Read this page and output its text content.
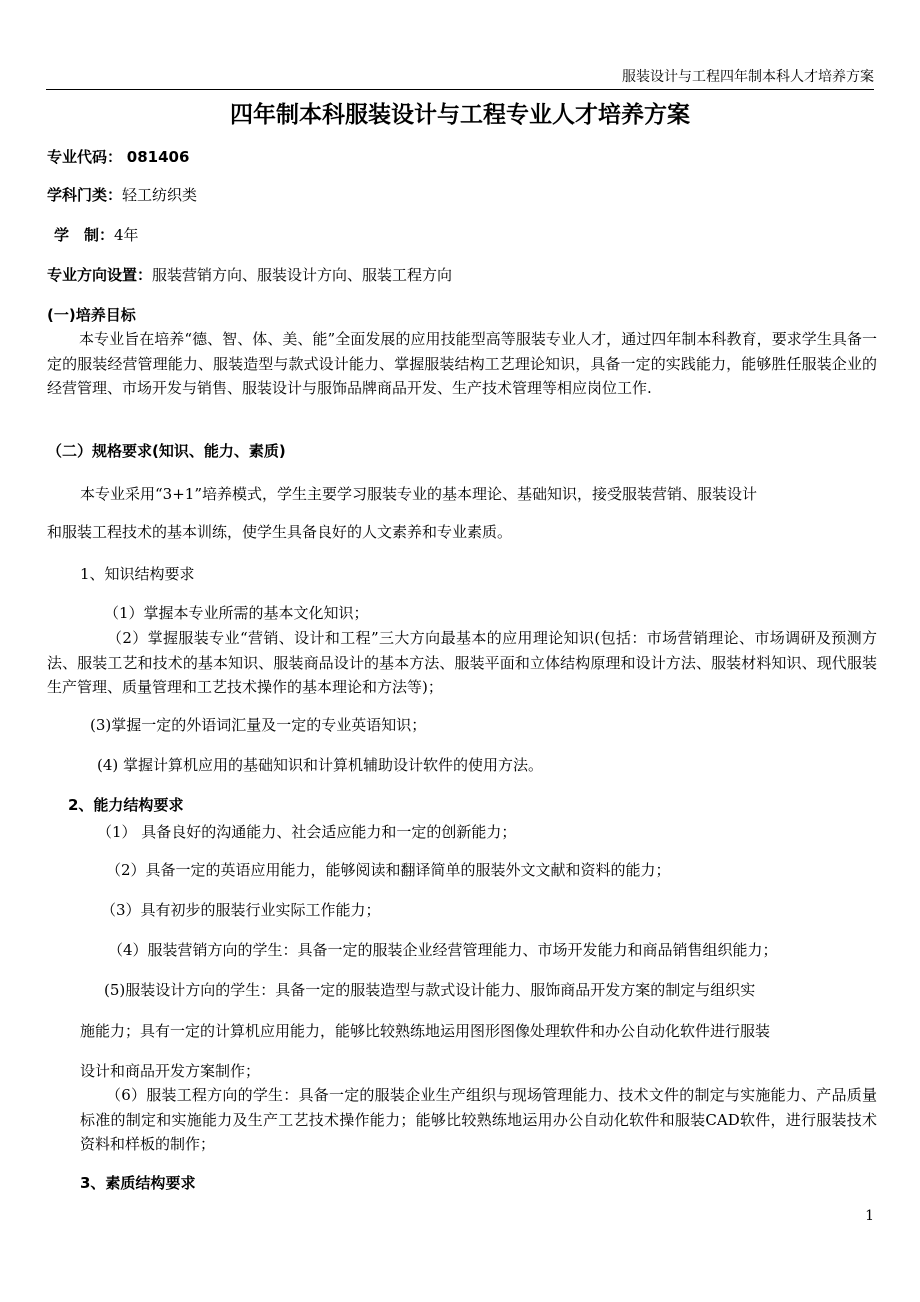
服装设计与工程四年制本科人才培养方案
四年制本科服装设计与工程专业人才培养方案
专业代码： 081406
学科门类：轻工纺织类
学　制：4年
专业方向设置：服装营销方向、服装设计方向、服装工程方向
(一)培养目标
本专业旨在培养“德、智、体、美、能”全面发展的应用技能型高等服装专业人才，通过四年制本科教育，要求学生具备一定的服装经营管理能力、服装造型与款式设计能力、掌握服装结构工艺理论知识，具备一定的实践能力，能够胜任服装企业的经营管理、市场开发与销售、服装设计与服饰品牌商品开发、生产技术管理等相应岗位工作.
（二）规格要求(知识、能力、素质)
本专业采用“3+1”培养模式，学生主要学习服装专业的基本理论、基础知识，接受服装营销、服装设计
和服装工程技术的基本训练，使学生具备良好的人文素养和专业素质。
1、知识结构要求
（1）掌握本专业所需的基本文化知识；
（2）掌握服装专业“营销、设计和工程”三大方向最基本的应用理论知识(包括：市场营销理论、市场调研及预测方法、服装工艺和技术的基本知识、服装商品设计的基本方法、服装平面和立体结构原理和设计方法、服装材料知识、现代服装生产管理、质量管理和工艺技术操作的基本理论和方法等)；
(3)掌握一定的外语词汇量及一定的专业英语知识；
(4) 掌握计算机应用的基础知识和计算机辅助设计软件的使用方法。
2、能力结构要求
（1） 具备良好的沟通能力、社会适应能力和一定的创新能力；
（2）具备一定的英语应用能力，能够阅读和翻译简单的服装外文文献和资料的能力；
（3）具有初步的服装行业实际工作能力；
（4）服装营销方向的学生：具备一定的服装企业经营管理能力、市场开发能力和商品销售组织能力；
(5)服装设计方向的学生：具备一定的服装造型与款式设计能力、服饰商品开发方案的制定与组织实
施能力；具有一定的计算机应用能力，能够比较熟练地运用图形图像处理软件和办公自动化软件进行服装
设计和商品开发方案制作；
（6）服装工程方向的学生：具备一定的服装企业生产组织与现场管理能力、技术文件的制定与实施能力、产品质量标准的制定和实施能力及生产工艺技术操作能力；能够比较熟练地运用办公自动化软件和服装CAD软件，进行服装技术资料和样板的制作；
3、素质结构要求
1
